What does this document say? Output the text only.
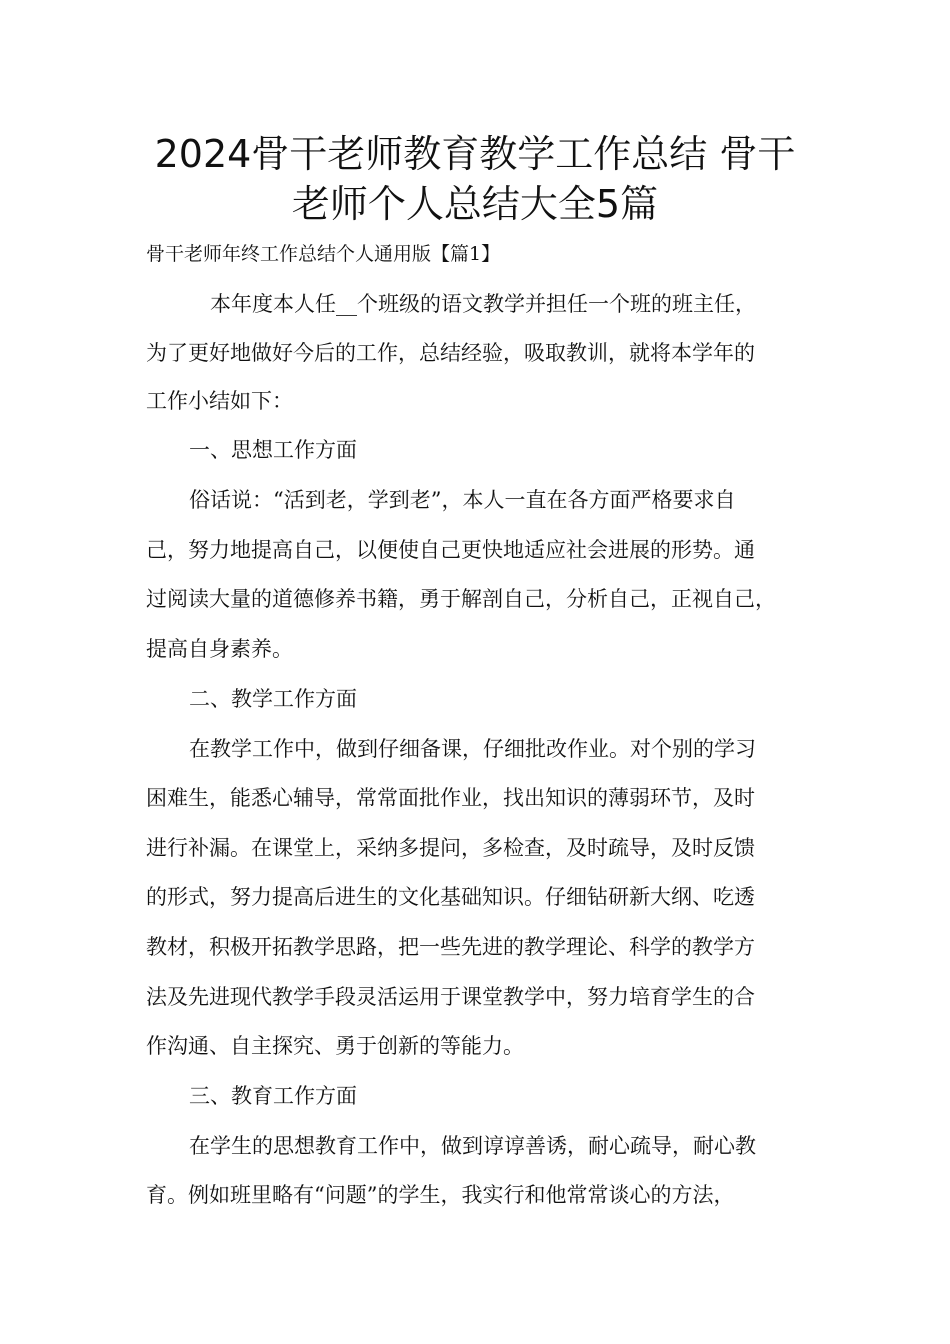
2024骨干老师教育教学工作总结 骨干
老师个人总结大全5篇
骨干老师年终工作总结个人通用版【篇1】
本年度本人任__个班级的语文教学并担任一个班的班主任，
为了更好地做好今后的工作，总结经验，吸取教训，就将本学年的
工作小结如下：
一、思想工作方面
俗话说：“活到老，学到老”，本人一直在各方面严格要求自
己，努力地提高自己，以便使自己更快地适应社会进展的形势。通
过阅读大量的道德修养书籍，勇于解剖自己，分析自己，正视自己，
提高自身素养。
二、教学工作方面
在教学工作中，做到仔细备课，仔细批改作业。对个别的学习
困难生，能悉心辅导，常常面批作业，找出知识的薄弱环节，及时
进行补漏。在课堂上，采纳多提问，多检查，及时疏导，及时反馈
的形式，努力提高后进生的文化基础知识。仔细钻研新大纲、吃透
教材，积极开拓教学思路，把一些先进的教学理论、科学的教学方
法及先进现代教学手段灵活运用于课堂教学中，努力培育学生的合
作沟通、自主探究、勇于创新的等能力。
三、教育工作方面
在学生的思想教育工作中，做到谆谆善诱，耐心疏导，耐心教
育。例如班里略有“问题”的学生，我实行和他常常谈心的方法，
